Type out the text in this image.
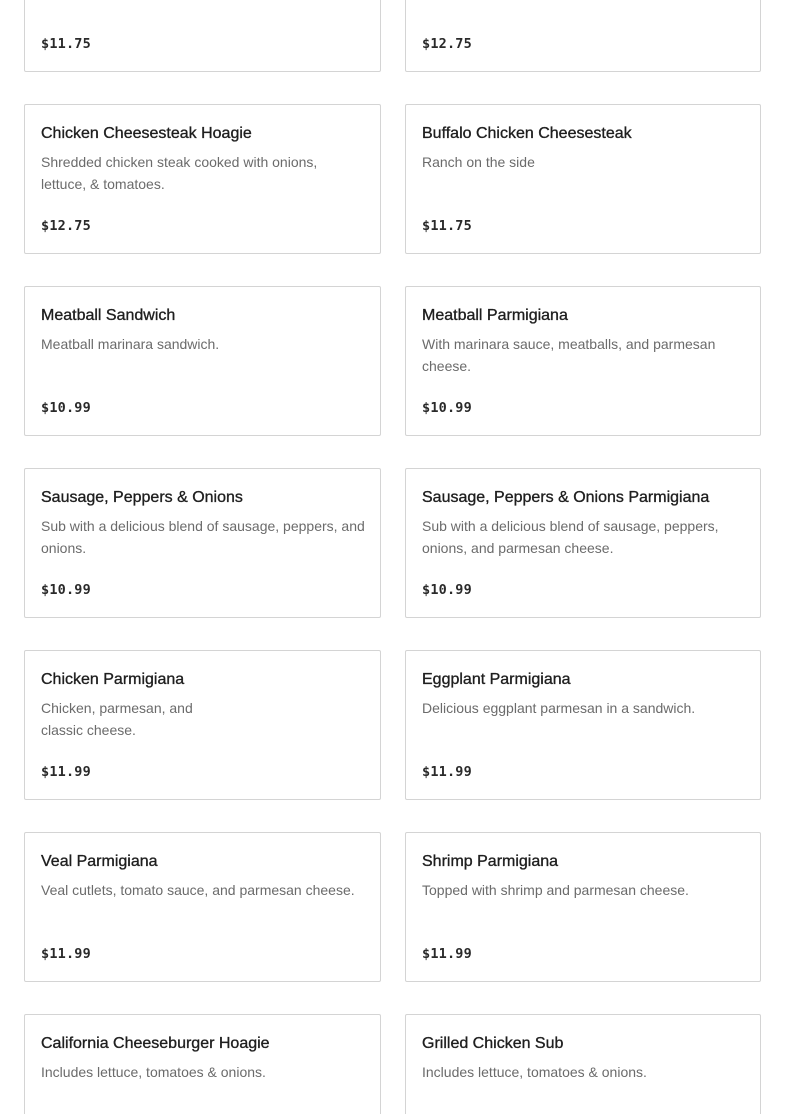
$11.75	$12.75

Chicken Cheesesteak Hoagie

Shredded chicken steak cooked with onions, lettuce, & tomatoes.

$12.75

Buffalo Chicken Cheesesteak

Ranch on the side

$11.75

Meatball Sandwich

Meatball marinara sandwich.

$10.99

Meatball Parmigiana

With marinara sauce, meatballs, and parmesan cheese.

$10.99

Sausage, Peppers & Onions

Sub with a delicious blend of sausage, peppers, and onions.

$10.99

Sausage, Peppers & Onions Parmigiana

Sub with a delicious blend of sausage, peppers, onions, and parmesan cheese.

$10.99

Chicken Parmigiana

Chicken, parmesan, and
classic cheese.

$11.99

Eggplant Parmigiana

Delicious eggplant parmesan in a sandwich.

$11.99

Veal Parmigiana

Veal cutlets, tomato sauce, and parmesan cheese.

$11.99

Shrimp Parmigiana

Topped with shrimp and parmesan cheese.

$11.99

California Cheeseburger Hoagie

Includes lettuce, tomatoes & onions.

Grilled Chicken Sub

Includes lettuce, tomatoes & onions.
